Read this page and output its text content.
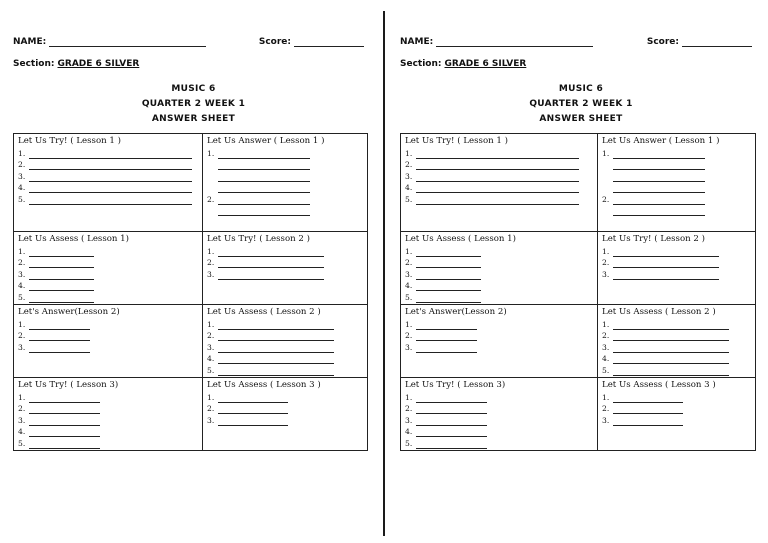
NAME:	Score:
Section: GRADE 6 SILVER
MUSIC 6
QUARTER 2 WEEK 1
ANSWER SHEET
Let Us Try! ( Lesson 1 )
1.
2.
3.
4.
5.
Let Us Answer ( Lesson 1 )
1.
2.
Let Us Assess ( Lesson 1)
1.
2.
3.
4.
5.
Let Us Try! ( Lesson 2 )
1.
2.
3.
Let's Answer(Lesson 2)
1.
2.
3.
Let Us Assess ( Lesson 2 )
1.
2.
3.
4.
5.
Let Us Try! ( Lesson 3)
1.
2.
3.
4.
5.
Let Us Assess ( Lesson 3 )
1.
2.
3.
NAME:	Score:
Section: GRADE 6 SILVER
MUSIC 6
QUARTER 2 WEEK 1
ANSWER SHEET
Let Us Try! ( Lesson 1 )
1.
2.
3.
4.
5.
Let Us Answer ( Lesson 1 )
1.
2.
Let Us Assess ( Lesson 1)
1.
2.
3.
4.
5.
Let Us Try! ( Lesson 2 )
1.
2.
3.
Let's Answer(Lesson 2)
1.
2.
3.
Let Us Assess ( Lesson 2 )
1.
2.
3.
4.
5.
Let Us Try! ( Lesson 3)
1.
2.
3.
4.
5.
Let Us Assess ( Lesson 3 )
1.
2.
3.
